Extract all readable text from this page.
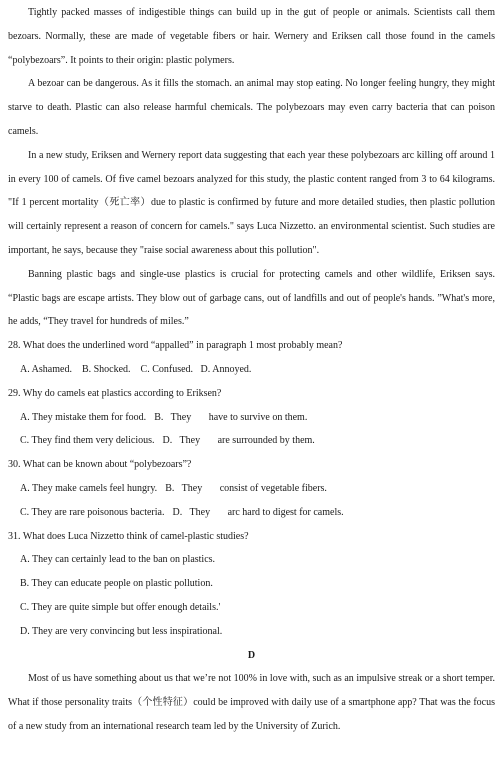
Tightly packed masses of indigestible things can build up in the gut of people or animals. Scientists call them bezoars. Normally, these are made of vegetable fibers or hair. Wernery and Eriksen call those found in the camels “polybezoars”. It points to their origin: plastic polymers.

A bezoar can be dangerous. As it fills the stomach. an animal may stop eating. No longer feeling hungry, they might starve to death. Plastic can also release harmful chemicals. The polybezoars may even carry bacteria that can poison camels.

In a new study, Eriksen and Wernery report data suggesting that each year these polybezoars arc killing off around 1 in every 100 of camels. Of five camel bezoars analyzed for this study, the plastic content ranged from 3 to 64 kilograms. "If 1 percent mortality（死亡率）due to plastic is confirmed by future and more detailed studies, then plastic pollution will certainly represent a reason of concern for camels." says Luca Nizzetto. an environmental scientist. Such studies are important, he says, because they "raise social awareness about this pollution".

Banning plastic bags and single-use plastics is crucial for protecting camels and other wildlife, Eriksen says. “Plastic bags are escape artists. They blow out of garbage cans, out of landfills and out of people's hands. ”What's more, he adds, “They travel for hundreds of miles.”

28. What does the underlined word “appalled” in paragraph 1 most probably mean?

A. Ashamed.    B. Shocked.    C. Confused.   D. Annoyed.

29. Why do camels eat plastics according to Eriksen?

A. They mistake them for food. B.   They       have to survive on them.

C. They find them very delicious. D.   They       are surrounded by them.

30. What can be known about “polybezoars”?

A. They make camels feel hungry. B.   They       consist of vegetable fibers.

C. They are rare poisonous bacteria. D.   They       arc hard to digest for camels.

31. What does Luca Nizzetto think of camel-plastic studies?

A. They can certainly lead to the ban on plastics.

B. They can educate people on plastic pollution.

C. They are quite simple but offer enough details.'

D. They are very convincing but less inspirational.

D

Most of us have something about us that we’re not 100% in love with, such as an impulsive streak or a short temper. What if those personality traits（个性特征）could be improved with daily use of a smartphone app? That was the focus of a new study from an international research team led by the University of Zurich.
